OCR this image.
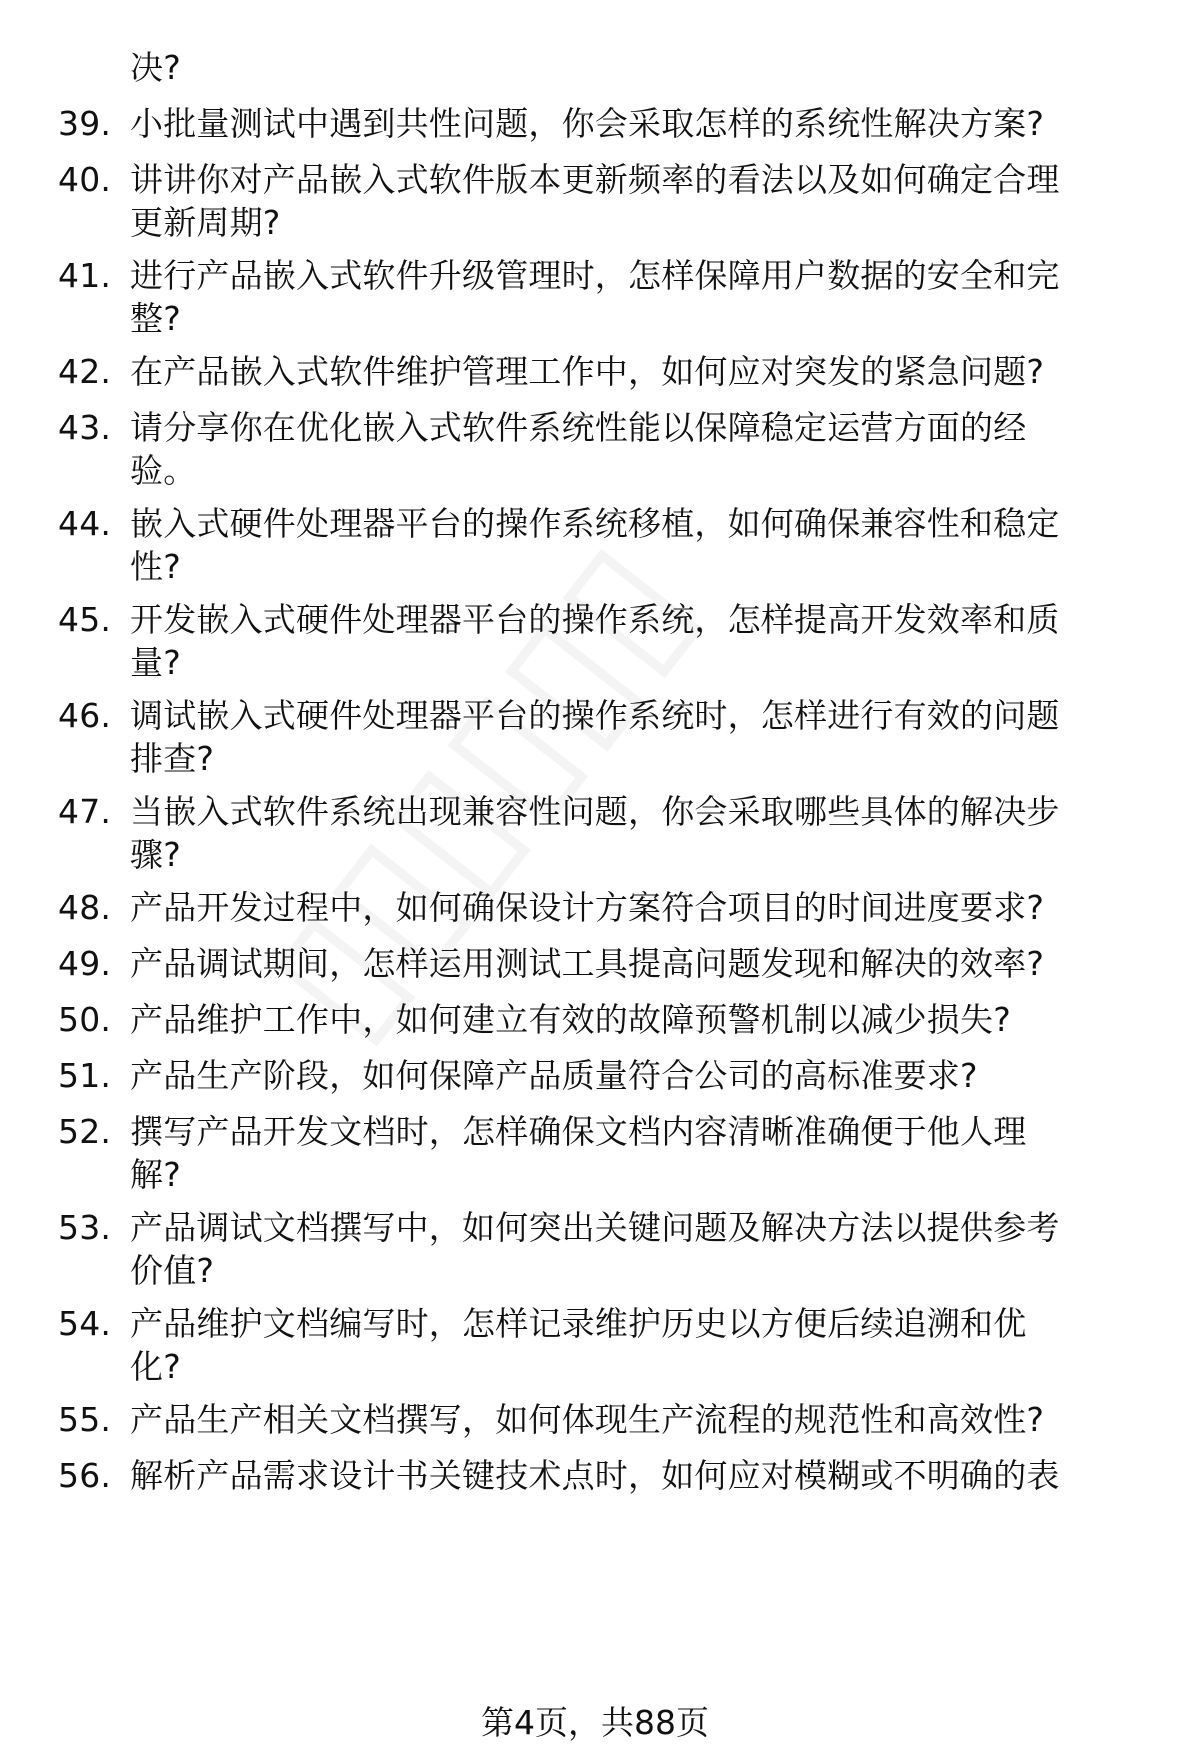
决?
39. 小批量测试中遇到共性问题，你会采取怎样的系统性解决方案?
40. 讲讲你对产品嵌入式软件版本更新频率的看法以及如何确定合理
更新周期?
41. 进行产品嵌入式软件升级管理时，怎样保障用户数据的安全和完
整?
42. 在产品嵌入式软件维护管理工作中，如何应对突发的紧急问题?
43. 请分享你在优化嵌入式软件系统性能以保障稳定运营方面的经
验。
44. 嵌入式硬件处理器平台的操作系统移植，如何确保兼容性和稳定
性?
45. 开发嵌入式硬件处理器平台的操作系统，怎样提高开发效率和质
量?
46. 调试嵌入式硬件处理器平台的操作系统时，怎样进行有效的问题
排查?
47. 当嵌入式软件系统出现兼容性问题，你会采取哪些具体的解决步
骤?
48. 产品开发过程中，如何确保设计方案符合项目的时间进度要求?
49. 产品调试期间，怎样运用测试工具提高问题发现和解决的效率?
50. 产品维护工作中，如何建立有效的故障预警机制以减少损失?
51. 产品生产阶段，如何保障产品质量符合公司的高标准要求?
52. 撰写产品开发文档时，怎样确保文档内容清晰准确便于他人理
解?
53. 产品调试文档撰写中，如何突出关键问题及解决方法以提供参考
价值?
54. 产品维护文档编写时，怎样记录维护历史以方便后续追溯和优
化?
55. 产品生产相关文档撰写，如何体现生产流程的规范性和高效性?
56. 解析产品需求设计书关键技术点时，如何应对模糊或不明确的表
第4页，共88页
